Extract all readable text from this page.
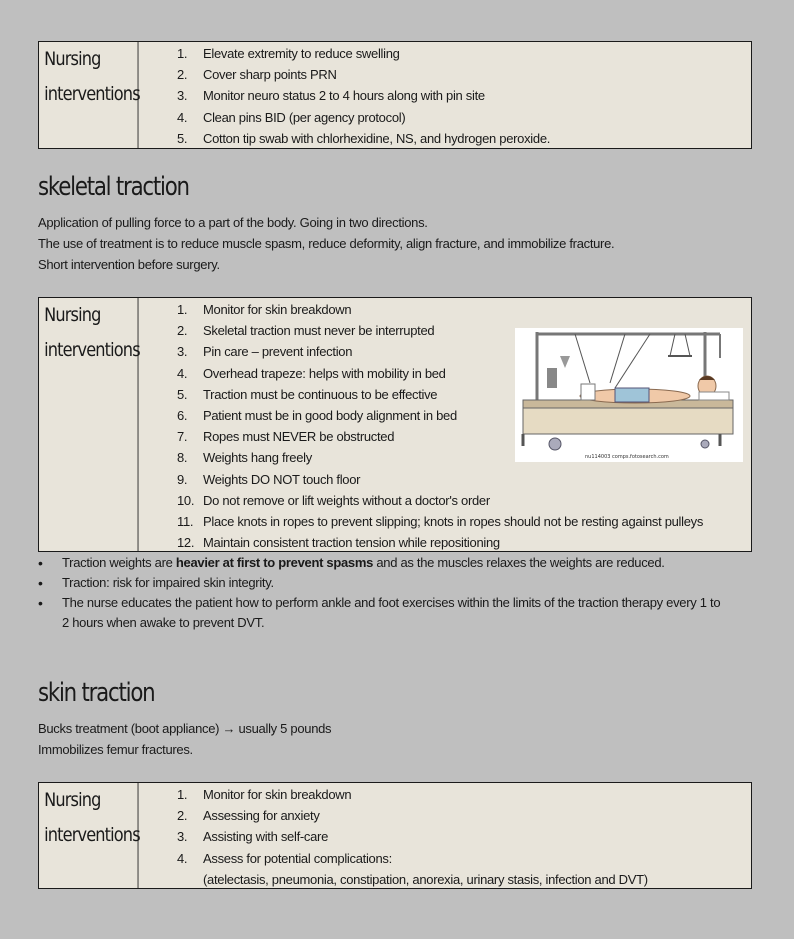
Nursing
interventions
1.	Elevate extremity to reduce swelling
2.	Cover sharp points PRN
3.	Monitor neuro status 2 to 4 hours along with pin site
4.	Clean pins BID (per agency protocol)
5.	Cotton tip swab with chlorhexidine, NS, and hydrogen peroxide.
skeletal traction
Application of pulling force to a part of the body. Going in two directions.
The use of treatment is to reduce muscle spasm, reduce deformity, align fracture, and immobilize fracture.
Short intervention before surgery.
Nursing
interventions
1.	Monitor for skin breakdown
2.	Skeletal traction must never be interrupted
3.	Pin care – prevent infection
4.	Overhead trapeze: helps with mobility in bed
5.	Traction must be continuous to be effective
6.	Patient must be in good body alignment in bed
7.	Ropes must NEVER be obstructed
8.	Weights hang freely
9.	Weights DO NOT touch floor
10. Do not remove or lift weights without a doctor's order
11. Place knots in ropes to prevent slipping; knots in ropes should not be resting against pulleys
12. Maintain consistent traction tension while repositioning
nu114003 comps.fotosearch.com
• Traction weights are heavier at first to prevent spasms and as the muscles relaxes the weights are reduced.
• Traction: risk for impaired skin integrity.
• The nurse educates the patient how to perform ankle and foot exercises within the limits of the traction therapy every 1 to 2 hours when awake to prevent DVT.
skin traction
Bucks treatment (boot appliance) → usually 5 pounds
Immobilizes femur fractures.
Nursing
interventions
1.	Monitor for skin breakdown
2.	Assessing for anxiety
3.	Assisting with self-care
4.	Assess for potential complications:
(atelectasis, pneumonia, constipation, anorexia, urinary stasis, infection and DVT)
